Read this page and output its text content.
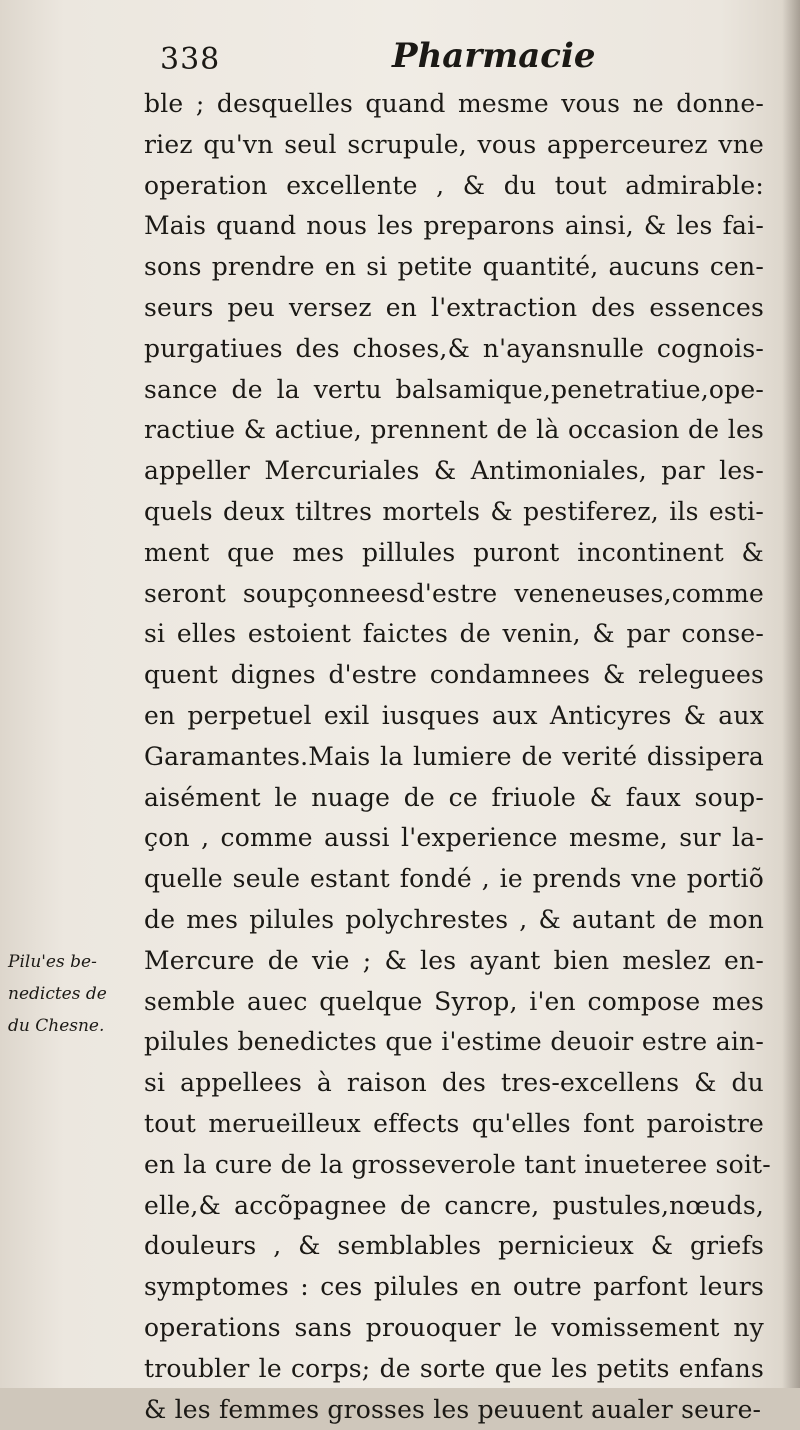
338	Pharmacie
Pilu'es be-
nedictes de
du Chesne.
ble ; desquelles quand mesme vous ne donne-
riez qu'vn seul scrupule, vous apperceurez vne
operation excellente , & du tout admirable:
Mais quand nous les preparons ainsi, & les fai-
sons prendre en si petite quantité, aucuns cen-
seurs peu versez en l'extraction des essences
purgatiues des choses,& n'ayansnulle cognois-
sance de la vertu balsamique,penetratiue,ope-
ractiue & actiue, prennent de là occasion de les
appeller Mercuriales & Antimoniales, par les-
quels deux tiltres mortels & pestiferez, ils esti-
ment que mes pillules puront incontinent &
seront soupçonneesd'estre veneneuses,comme
si elles estoient faictes de venin, & par conse-
quent dignes d'estre condamnees & releguees
en perpetuel exil iusques aux Anticyres & aux
Garamantes.Mais la lumiere de verité dissipera
aisément le nuage de ce friuole & faux soup-
çon , comme aussi l'experience mesme, sur la-
quelle seule estant fondé , ie prends vne portiõ
de mes pilules polychrestes , & autant de mon
Mercure de vie ; & les ayant bien meslez en-
semble auec quelque Syrop, i'en compose mes
pilules benedictes que i'estime deuoir estre ain-
si appellees à raison des tres-excellens & du
tout merueilleux effects qu'elles font paroistre
en la cure de la grosseverole tant inueteree soit-
elle,& accõpagnee de cancre, pustules,nœuds,
douleurs , & semblables pernicieux & griefs
symptomes : ces pilules en outre parfont leurs
operations sans prouoquer le vomissement ny
troubler le corps; de sorte que les petits enfans
& les femmes grosses les peuuent aualer seure-
